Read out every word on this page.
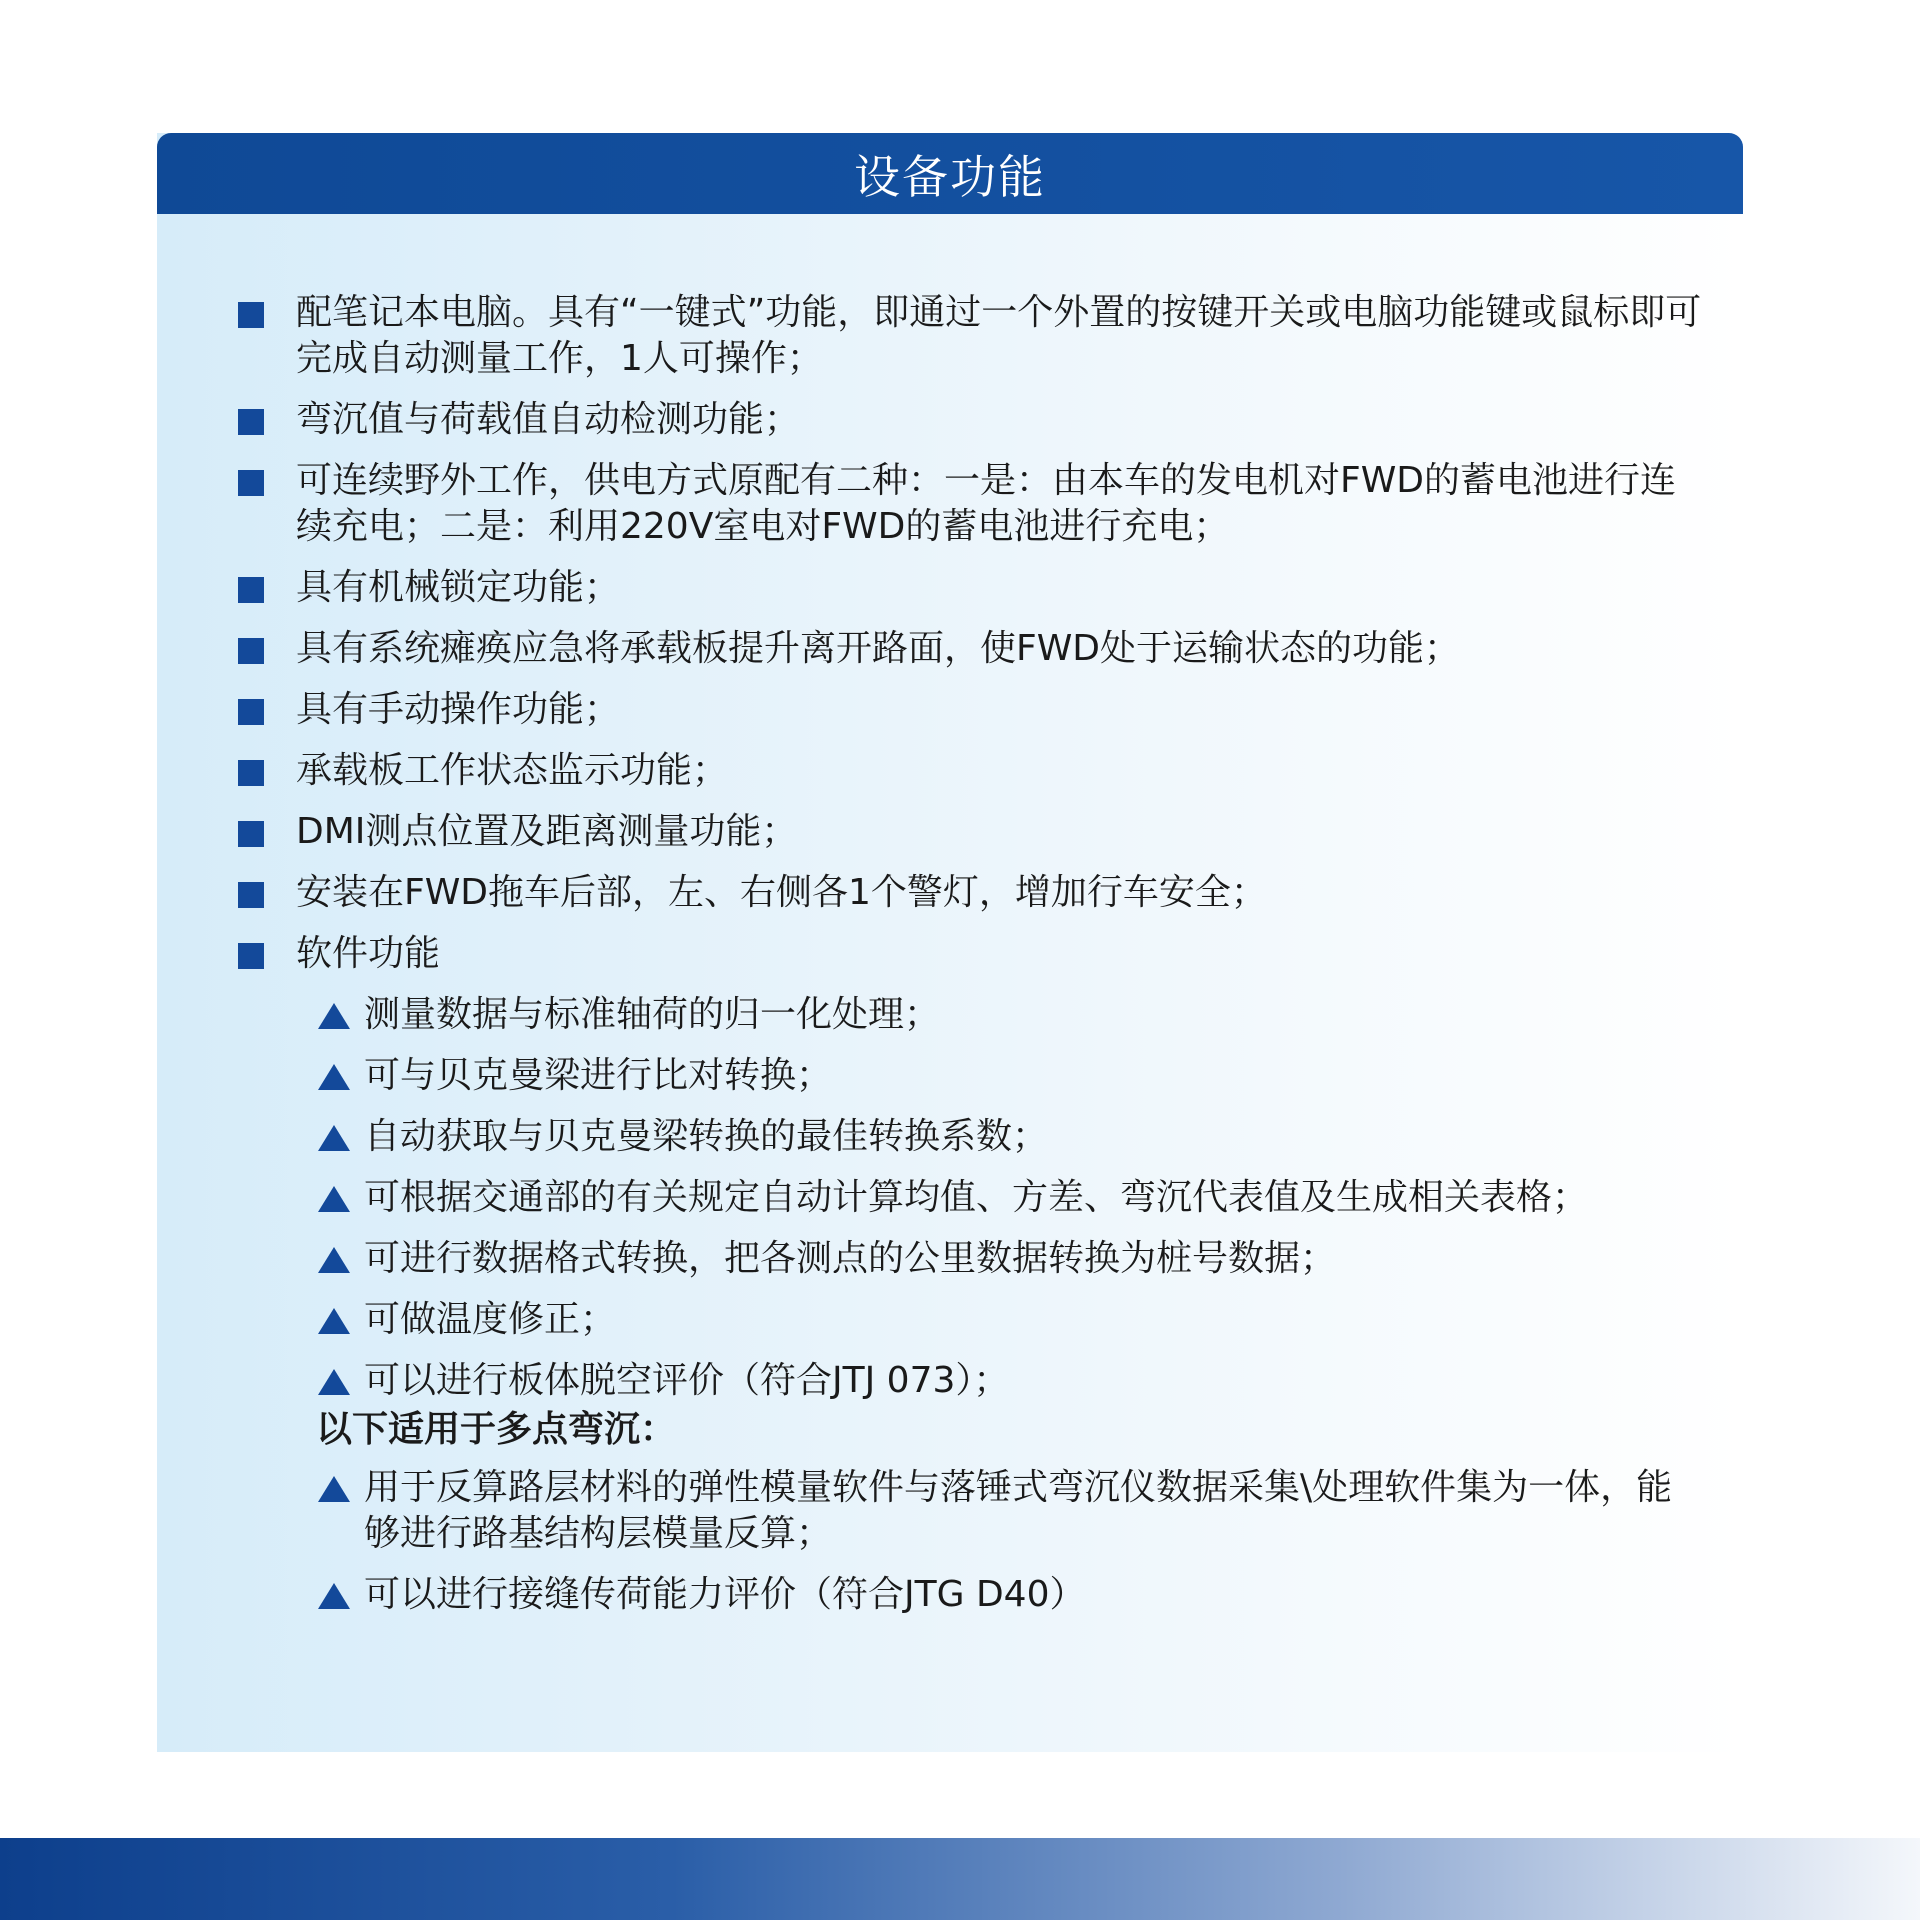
设备功能
配笔记本电脑。具有“一键式”功能，即通过一个外置的按键开关或电脑功能键或鼠标即可完成自动测量工作，1人可操作；
弯沉值与荷载值自动检测功能；
可连续野外工作，供电方式原配有二种：一是：由本车的发电机对FWD的蓄电池进行连续充电；二是：利用220V室电对FWD的蓄电池进行充电；
具有机械锁定功能；
具有系统瘫痪应急将承载板提升离开路面，使FWD处于运输状态的功能；
具有手动操作功能；
承载板工作状态监示功能；
DMI测点位置及距离测量功能；
安装在FWD拖车后部，左、右侧各1个警灯，增加行车安全；
软件功能
测量数据与标准轴荷的归一化处理；
可与贝克曼梁进行比对转换；
自动获取与贝克曼梁转换的最佳转换系数；
可根据交通部的有关规定自动计算均值、方差、弯沉代表值及生成相关表格；
可进行数据格式转换，把各测点的公里数据转换为桩号数据；
可做温度修正；
可以进行板体脱空评价（符合JTJ 073）；
以下适用于多点弯沉：
用于反算路层材料的弹性模量软件与落锤式弯沉仪数据采集\处理软件集为一体，能够进行路基结构层模量反算；
可以进行接缝传荷能力评价（符合JTG D40）
